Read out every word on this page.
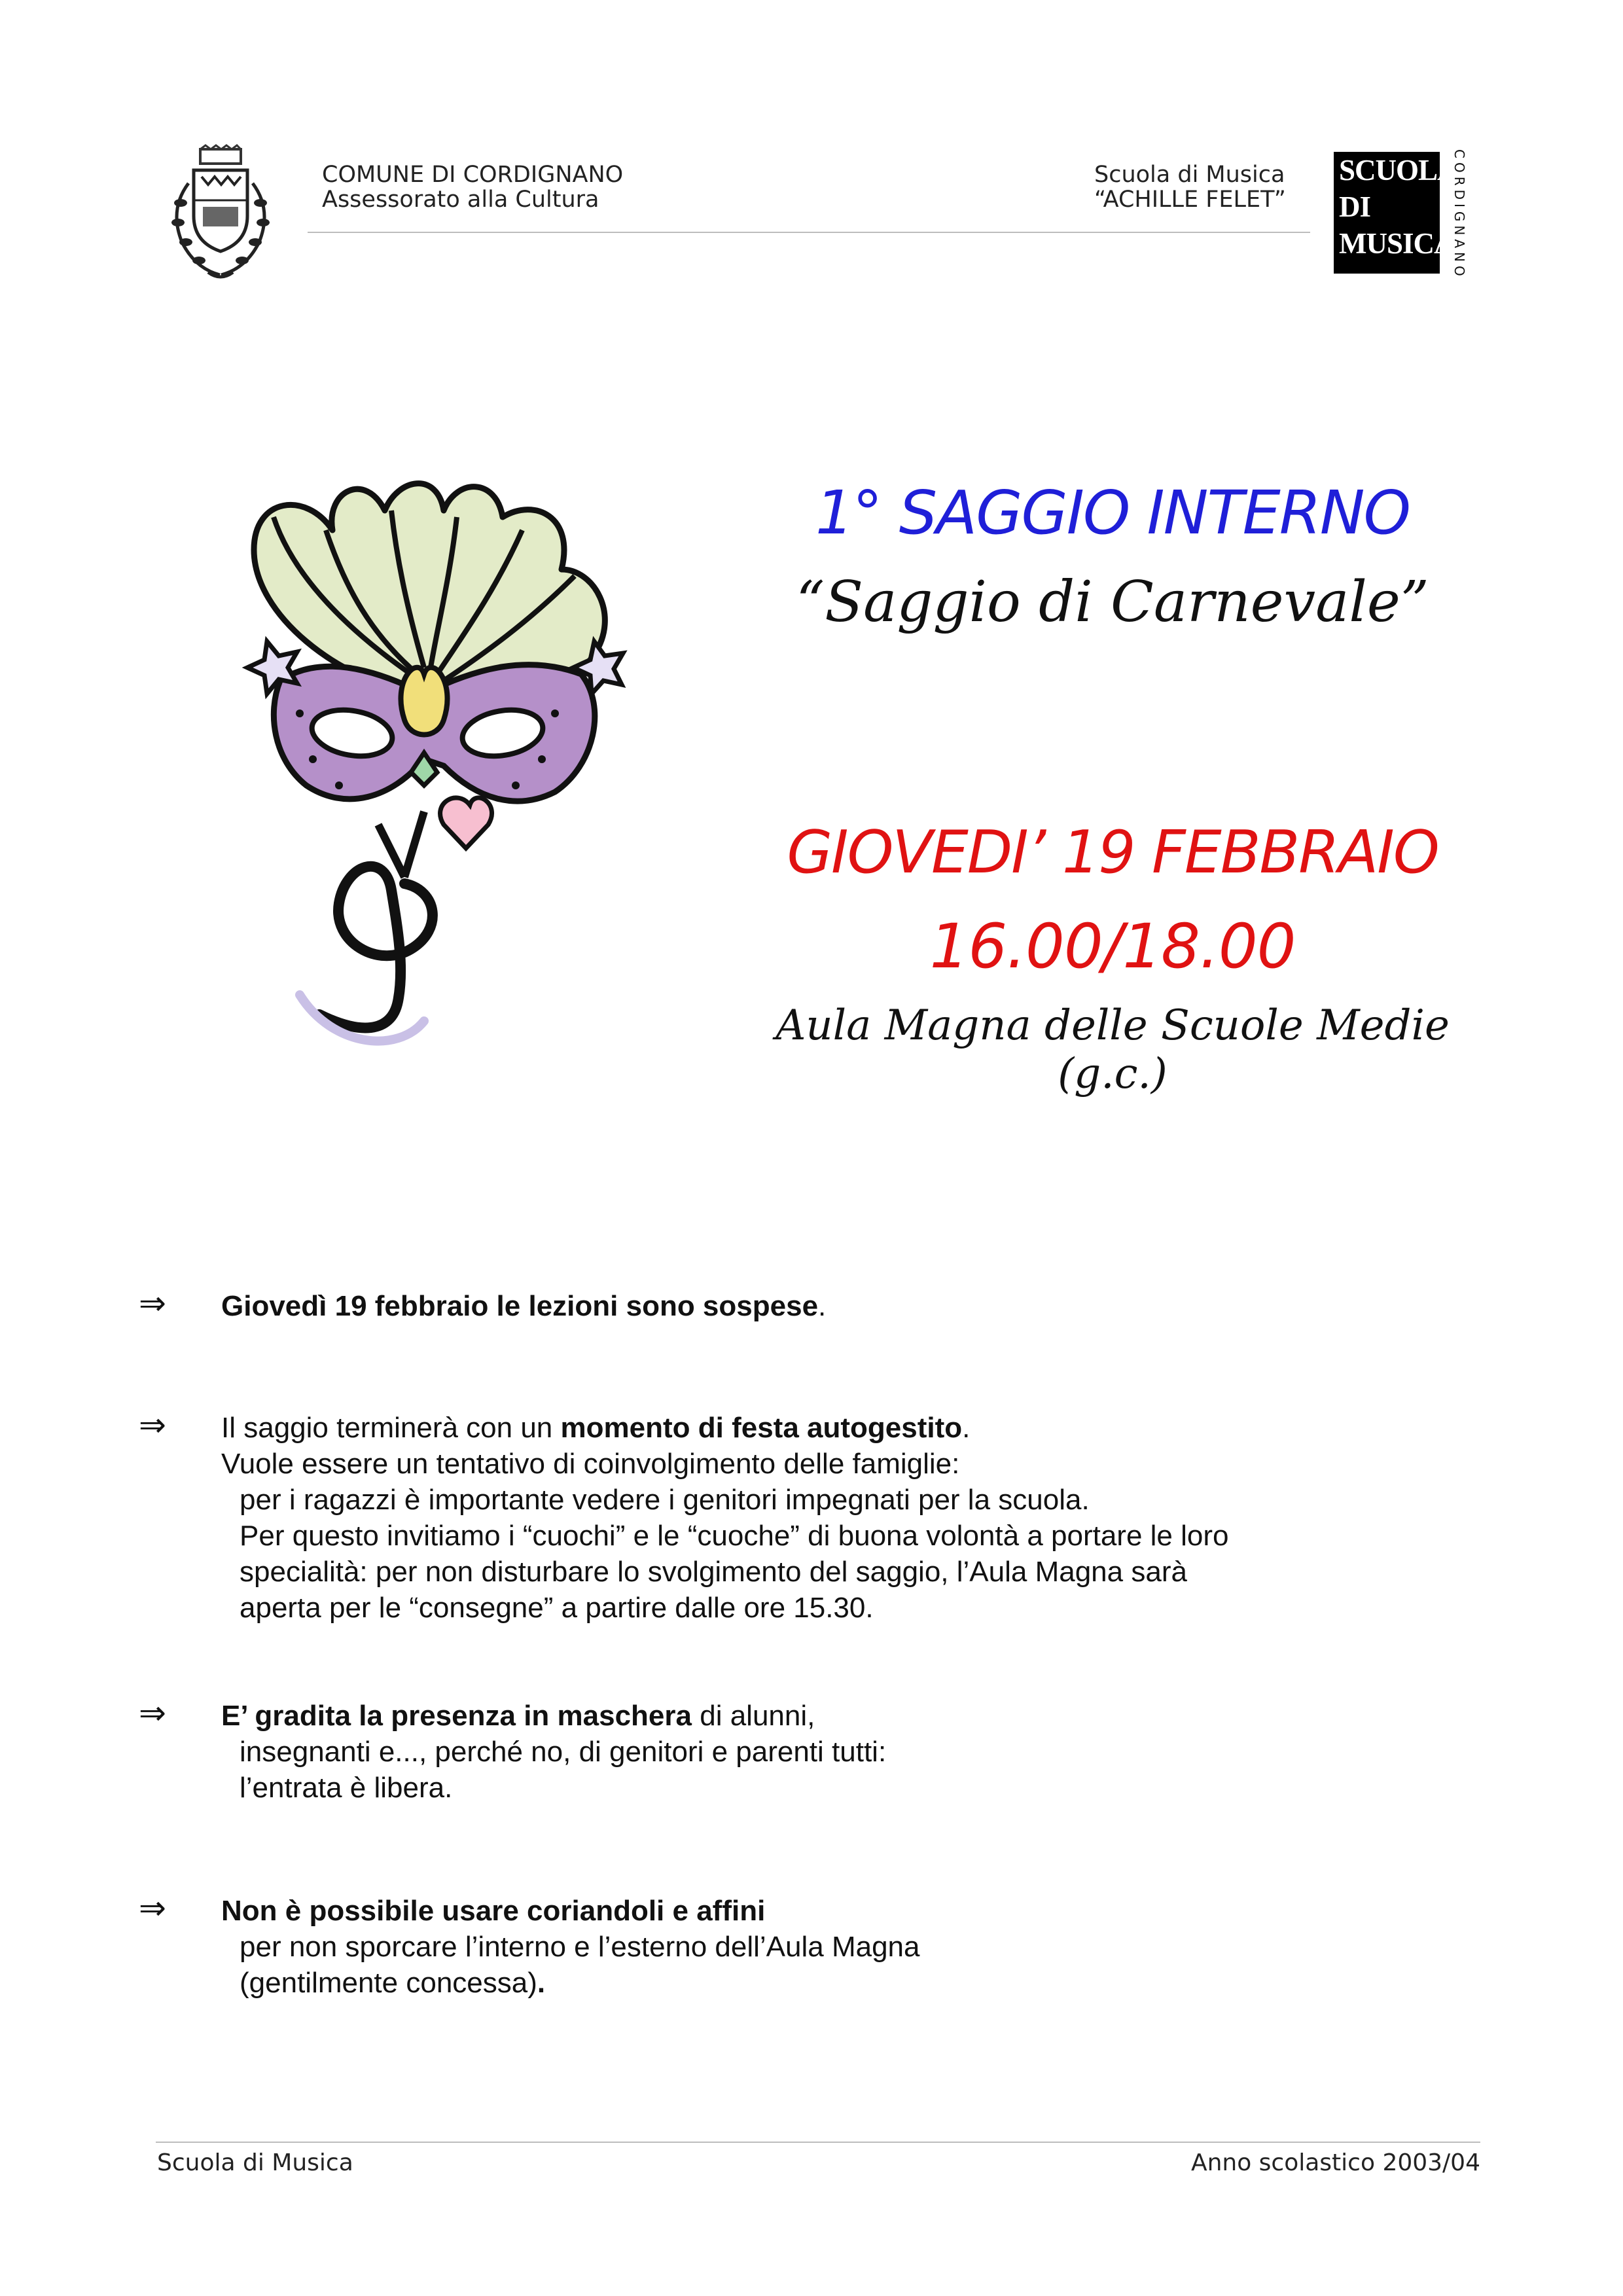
COMUNE DI CORDIGNANO
Assessorato alla Cultura
Scuola di Musica
“ACHILLE FELET”
SCUOLA
DI
MUSICA
CORDIGNANO
1° SAGGIO INTERNO
“Saggio di Carnevale”
GIOVEDI’ 19 FEBBRAIO
16.00/18.00
Aula Magna delle Scuole Medie (g.c.)
⇒ Giovedì 19 febbraio le lezioni sono sospese.
⇒ Il saggio terminerà con un momento di festa autogestito.
Vuole essere un tentativo di coinvolgimento delle famiglie:
per i ragazzi è importante vedere i genitori impegnati per la scuola.
Per questo invitiamo i “cuochi” e le “cuoche” di buona volontà a portare le loro
specialità: per non disturbare lo svolgimento del saggio, l’Aula Magna sarà
aperta per le “consegne” a partire dalle ore 15.30.
⇒ E’ gradita la presenza in maschera di alunni,
insegnanti e..., perché no, di genitori e parenti tutti:
l’entrata è libera.
⇒ Non è possibile usare coriandoli e affini
per non sporcare l’interno e l’esterno dell’Aula Magna
(gentilmente concessa).
Scuola di Musica	Anno scolastico 2003/04
